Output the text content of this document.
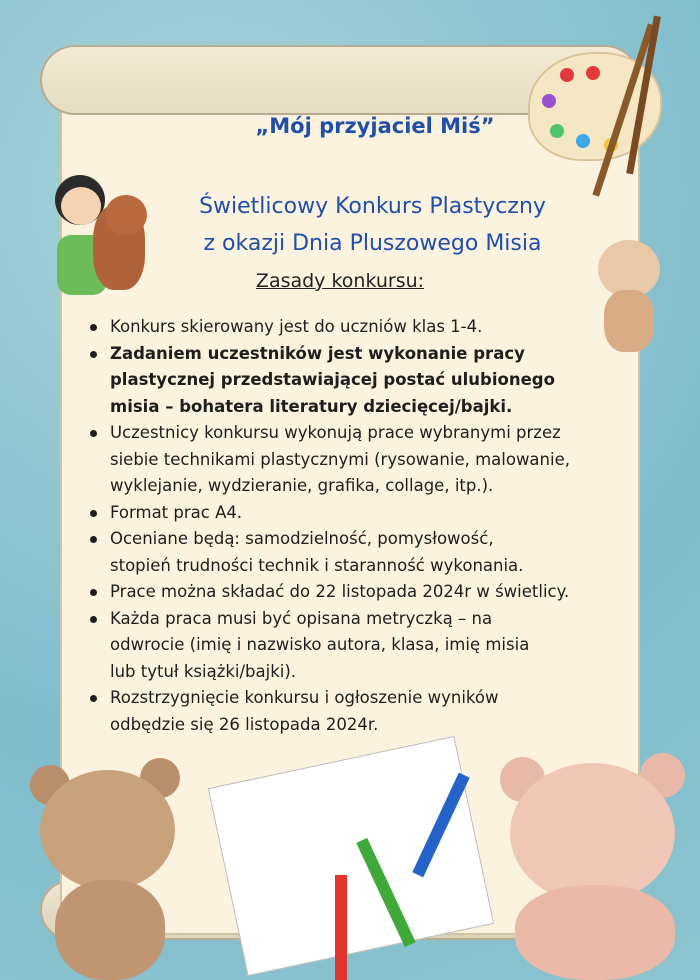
„Mój przyjaciel Miś”
Świetlicowy Konkurs Plastyczny
z okazji Dnia Pluszowego Misia
Zasady konkursu:
Konkurs skierowany jest do uczniów klas 1-4.
Zadaniem uczestników jest wykonanie pracy
plastycznej przedstawiającej postać ulubionego
misia – bohatera literatury dziecięcej/bajki.
Uczestnicy konkursu wykonują prace wybranymi przez
siebie technikami plastycznymi (rysowanie, malowanie,
wyklejanie, wydzieranie, grafika, collage, itp.).
Format prac A4.
Oceniane będą: samodzielność, pomysłowość,
stopień trudności technik i staranność wykonania.
Prace można składać do 22 listopada 2024r w świetlicy.
Każda praca musi być opisana metryczką – na
odwrocie (imię i nazwisko autora, klasa, imię misia
lub tytuł książki/bajki).
Rozstrzygnięcie konkursu i ogłoszenie wyników
odbędzie się 26 listopada 2024r.
